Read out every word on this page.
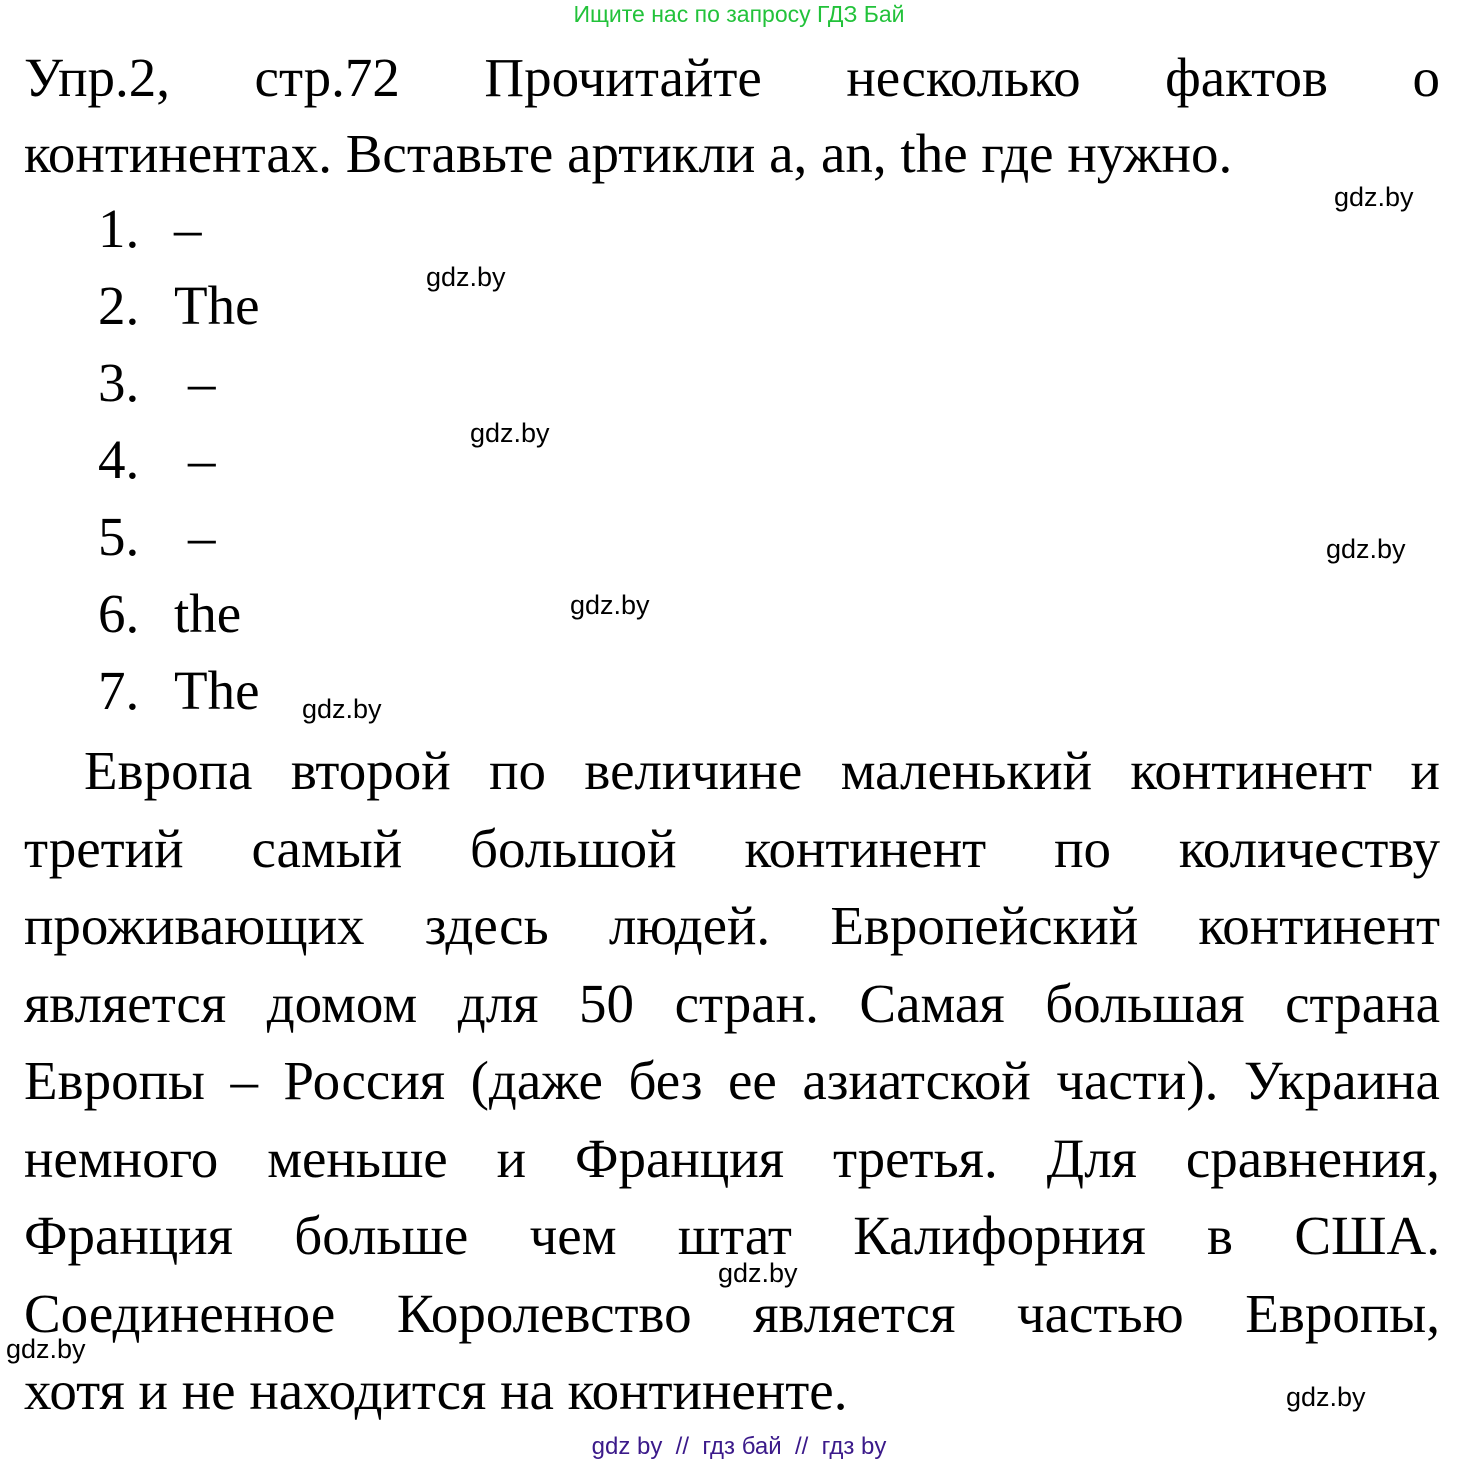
Ищите нас по запросу ГДЗ Бай
Упр.2, стр.72 Прочитайте несколько фактов о
континентах. Вставьте артикли a, an, the где нужно.
1. –
2. The
3. –
4. –
5. –
6. the
7. The
Европа второй по величине маленький континент и
третий самый большой континент по количеству
проживающих здесь людей. Европейский континент
является домом для 50 стран. Самая большая страна
Европы – Россия (даже без ее азиатской части). Украина
немного меньше и Франция третья. Для сравнения,
Франция больше чем штат Калифорния в США.
Соединенное Королевство является частью Европы,
хотя и не находится на континенте.
gdz.by
gdz.by
gdz.by
gdz.by
gdz.by
gdz.by
gdz.by
gdz.by
gdz.by
gdz by  //  гдз бай  //  гдз by
